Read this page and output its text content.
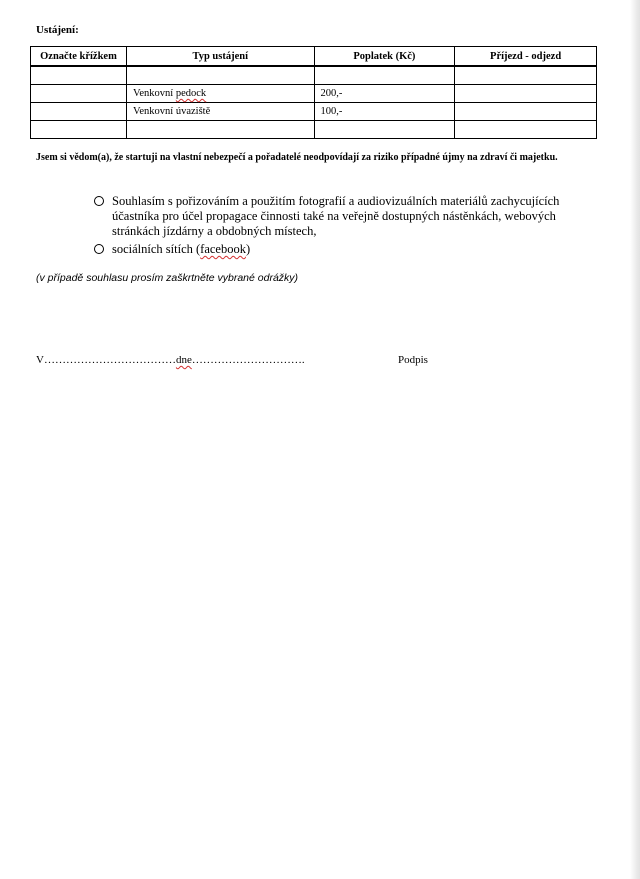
Ustájení:

Označte křížkem	Typ ustájení	Poplatek (Kč)	Příjezd - odjezd

	Venkovní pedock	200,-	
	Venkovní úvaziště	100,-	

Jsem si vědom(a), že startuji na vlastní nebezpečí a pořadatelé neodpovídají za riziko případné újmy na zdraví či majetku.

Souhlasím s pořizováním a použitím fotografií a audiovizuálních materiálů zachycujících účastníka pro účel propagace činnosti také na veřejně dostupných nástěnkách, webových stránkách jízdárny a obdobných místech,
sociálních sítích (facebook)

(v případě souhlasu prosím zaškrtněte vybrané odrážky)

V………………………………dne………………………….	Podpis
